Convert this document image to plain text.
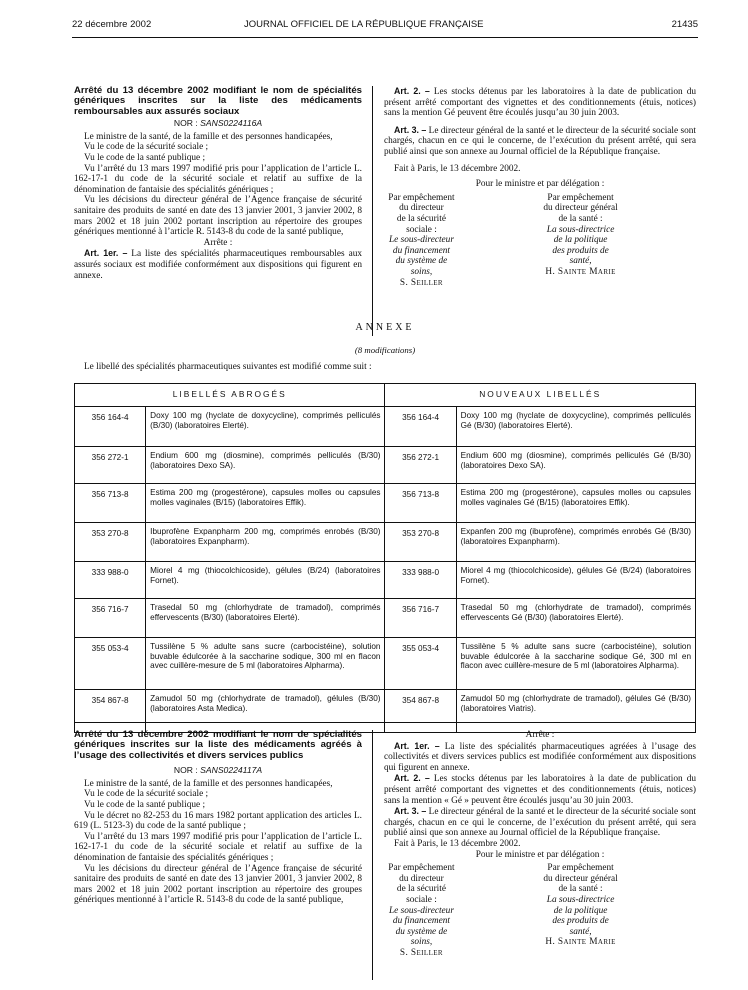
22 décembre 2002	JOURNAL OFFICIEL DE LA RÉPUBLIQUE FRANÇAISE	21435
Arrêté du 13 décembre 2002 modifiant le nom de spécialités génériques inscrites sur la liste des médicaments remboursables aux assurés sociaux
NOR : SANS0224116A

Le ministre de la santé, de la famille et des personnes handicapées,

Vu le code de la sécurité sociale ;

Vu le code de la santé publique ;

Vu l’arrêté du 13 mars 1997 modifié pris pour l’application de l’article L. 162-17-1 du code de la sécurité sociale et relatif au suffixe de la dénomination de fantaisie des spécialités génériques ;

Vu les décisions du directeur général de l’Agence française de sécurité sanitaire des produits de santé en date des 13 janvier 2001, 3 janvier 2002, 8 mars 2002 et 18 juin 2002 portant inscription au répertoire des groupes génériques mentionné à l’article R. 5143-8 du code de la santé publique,

Arrête :

Art. 1er. – La liste des spécialités pharmaceutiques remboursables aux assurés sociaux est modifiée conformément aux dispositions qui figurent en annexe.

Art. 2. – Les stocks détenus par les laboratoires à la date de publication du présent arrêté comportant des vignettes et des conditionnements (étuis, notices) sans la mention Gé peuvent être écoulés jusqu’au 30 juin 2003.

Art. 3. – Le directeur général de la santé et le directeur de la sécurité sociale sont chargés, chacun en ce qui le concerne, de l’exécution du présent arrêté, qui sera publié ainsi que son annexe au Journal officiel de la République française.

Fait à Paris, le 13 décembre 2002.

Pour le ministre et par délégation :

Par empêchement du directeur
de la sécurité sociale :
Le sous-directeur
du financement
du système de soins,
S. Seiller
Par empêchement
du directeur général de la santé :
La sous-directrice
de la politique
des produits de santé,
H. Sainte Marie
ANNEXE
(8 modifications)

Le libellé des spécialités pharmaceutiques suivantes est modifié comme suit :

LIBELLÉS ABROGÉS		NOUVEAUX LIBELLÉS	
356 164-4	Doxy 100 mg (hyclate de doxycycline), comprimés pelliculés (B/30) (laboratoires Elerté).	356 164-4	Doxy 100 mg (hyclate de doxycycline), comprimés pelliculés Gé (B/30) (laboratoires Elerté).
356 272-1	Endium 600 mg (diosmine), comprimés pelliculés (B/30) (laboratoires Dexo SA).	356 272-1	Endium 600 mg (diosmine), comprimés pelliculés Gé (B/30) (laboratoires Dexo SA).
356 713-8	Estima 200 mg (progestérone), capsules molles ou capsules molles vaginales (B/15) (laboratoires Effik).	356 713-8	Estima 200 mg (progestérone), capsules molles ou capsules molles vaginales Gé (B/15) (laboratoires Effik).
353 270-8	Ibuprofène Expanpharm 200 mg, comprimés enrobés (B/30) (laboratoires Expanpharm).	353 270-8	Expanfen 200 mg (ibuprofène), comprimés enrobés Gé (B/30) (laboratoires Expanpharm).
333 988-0	Miorel 4 mg (thiocolchicoside), gélules (B/24) (laboratoires Fornet).	333 988-0	Miorel 4 mg (thiocolchicoside), gélules Gé (B/24) (laboratoires Fornet).
356 716-7	Trasedal 50 mg (chlorhydrate de tramadol), comprimés effervescents (B/30) (laboratoires Elerté).	356 716-7	Trasedal 50 mg (chlorhydrate de tramadol), comprimés effervescents Gé (B/30) (laboratoires Elerté).
355 053-4	Tussilène 5 % adulte sans sucre (carbocistéine), solution buvable édulcorée à la saccharine sodique, 300 ml en flacon avec cuillère-mesure de 5 ml (laboratoires Alpharma).	355 053-4	Tussilène 5 % adulte sans sucre (carbocistéine), solution buvable édulcorée à la saccharine sodique Gé, 300 ml en flacon avec cuillère-mesure de 5 ml (laboratoires Alpharma).
354 867-8	Zamudol 50 mg (chlorhydrate de tramadol), gélules (B/30) (laboratoires Asta Medica).	354 867-8	Zamudol 50 mg (chlorhydrate de tramadol), gélules Gé (B/30) (laboratoires Viatris).
Arrêté du 13 décembre 2002 modifiant le nom de spécialités génériques inscrites sur la liste des médicaments agréés à l’usage des collectivités et divers services publics
NOR : SANS0224117A

Le ministre de la santé, de la famille et des personnes handicapées,

Vu le code de la sécurité sociale ;

Vu le code de la santé publique ;

Vu le décret no 82-253 du 16 mars 1982 portant application des articles L. 619 (L. 5123-3) du code de la santé publique ;

Vu l’arrêté du 13 mars 1997 modifié pris pour l’application de l’article L. 162-17-1 du code de la sécurité sociale et relatif au suffixe de la dénomination de fantaisie des spécialités génériques ;

Vu les décisions du directeur général de l’Agence française de sécurité sanitaire des produits de santé en date des 13 janvier 2001, 3 janvier 2002, 8 mars 2002 et 18 juin 2002 portant inscription au répertoire des groupes génériques mentionné à l’article R. 5143-8 du code de la santé publique,

Arrête :

Art. 1er. – La liste des spécialités pharmaceutiques agréées à l’usage des collectivités et divers services publics est modifiée conformément aux dispositions qui figurent en annexe.

Art. 2. – Les stocks détenus par les laboratoires à la date de publication du présent arrêté comportant des vignettes et des conditionnements (étuis, notices) sans la mention « Gé » peuvent être écoulés jusqu’au 30 juin 2003.

Art. 3. – Le directeur général de la santé et le directeur de la sécurité sociale sont chargés, chacun en ce qui le concerne, de l’exécution du présent arrêté, qui sera publié ainsi que son annexe au Journal officiel de la République française.

Fait à Paris, le 13 décembre 2002.

Pour le ministre et par délégation :

Par empêchement du directeur
de la sécurité sociale :
Le sous-directeur
du financement
du système de soins,
S. Seiller
Par empêchement
du directeur général de la santé :
La sous-directrice
de la politique
des produits de santé,
H. Sainte Marie
